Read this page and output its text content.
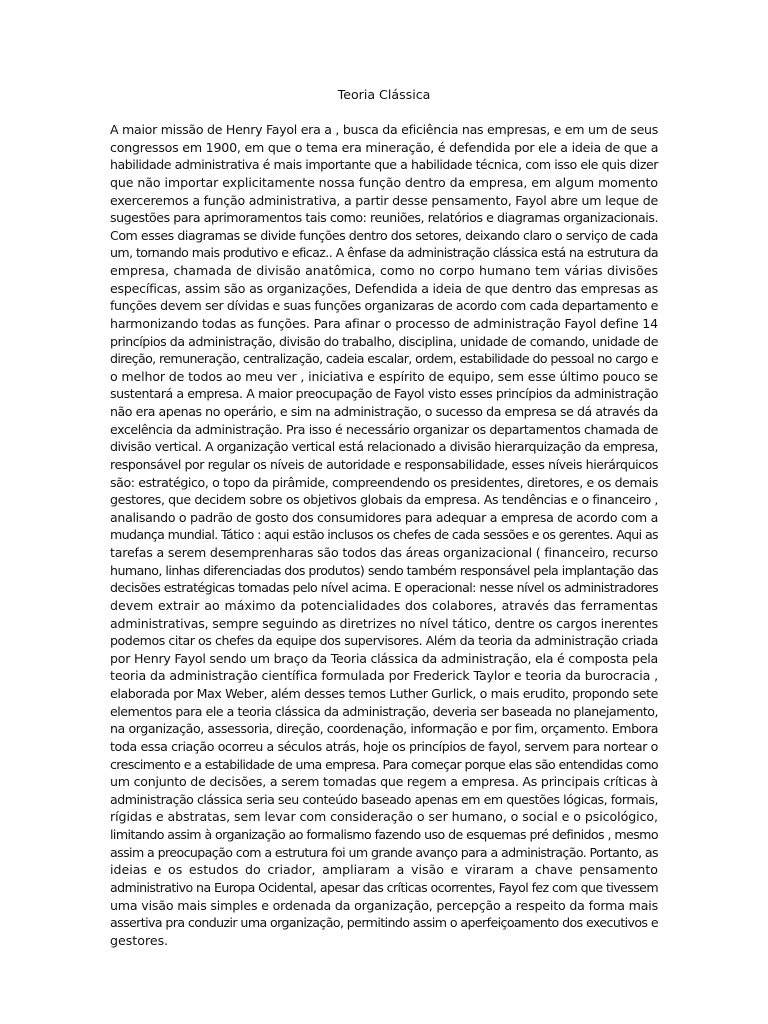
Teoria Clássica
A maior missão de Henry Fayol era a , busca da eficiência nas empresas, e em um de seus
congressos em 1900, em que o tema era mineração, é defendida por ele a ideia de que a
habilidade administrativa é mais importante que a habilidade técnica, com isso ele quis dizer
que não importar explicitamente nossa função dentro da empresa, em algum momento
exerceremos a função administrativa, a partir desse pensamento, Fayol abre um leque de
sugestões para aprimoramentos tais como: reuniões, relatórios e diagramas organizacionais.
Com esses diagramas se divide funções dentro dos setores, deixando claro o serviço de cada
um, tornando mais produtivo e eficaz.. A ênfase da administração clássica está na estrutura da
empresa, chamada de divisão anatômica, como no corpo humano tem várias divisões
específicas, assim são as organizações, Defendida a ideia de que dentro das empresas as
funções devem ser dívidas e suas funções organizaras de acordo com cada departamento e
harmonizando todas as funções. Para afinar o processo de administração Fayol define 14
princípios da administração, divisão do trabalho, disciplina, unidade de comando, unidade de
direção, remuneração, centralização, cadeia escalar, ordem, estabilidade do pessoal no cargo e
o melhor de todos ao meu ver , iniciativa e espírito de equipo, sem esse último pouco se
sustentará a empresa. A maior preocupação de Fayol visto esses princípios da administração
não era apenas no operário, e sim na administração, o sucesso da empresa se dá através da
excelência da administração. Pra isso é necessário organizar os departamentos chamada de
divisão vertical. A organização vertical está relacionado a divisão hierarquização da empresa,
responsável por regular os níveis de autoridade e responsabilidade, esses níveis hierárquicos
são: estratégico, o topo da pirâmide, compreendendo os presidentes, diretores, e os demais
gestores, que decidem sobre os objetivos globais da empresa. As tendências e o financeiro ,
analisando o padrão de gosto dos consumidores para adequar a empresa de acordo com a
mudança mundial. Tático : aqui estão inclusos os chefes de cada sessões e os gerentes. Aqui as
tarefas a serem desemprenharas são todos das áreas organizacional ( financeiro, recurso
humano, linhas diferenciadas dos produtos) sendo também responsável pela implantação das
decisões estratégicas tomadas pelo nível acima. E operacional: nesse nível os administradores
devem extrair ao máximo da potencialidades dos colabores, através das ferramentas
administrativas, sempre seguindo as diretrizes no nível tático, dentre os cargos inerentes
podemos citar os chefes da equipe dos supervisores. Além da teoria da administração criada
por Henry Fayol sendo um braço da Teoria clássica da administração, ela é composta pela
teoria da administração científica formulada por Frederick Taylor e teoria da burocracia ,
elaborada por Max Weber, além desses temos Luther Gurlick, o mais erudito, propondo sete
elementos para ele a teoria clássica da administração, deveria ser baseada no planejamento,
na organização, assessoria, direção, coordenação, informação e por fim, orçamento. Embora
toda essa criação ocorreu a séculos atrás, hoje os princípios de fayol, servem para nortear o
crescimento e a estabilidade de uma empresa. Para começar porque elas são entendidas como
um conjunto de decisões, a serem tomadas que regem a empresa. As principais críticas à
administração clássica seria seu conteúdo baseado apenas em em questões lógicas, formais,
rígidas e abstratas, sem levar com consideração o ser humano, o social e o psicológico,
limitando assim à organização ao formalismo fazendo uso de esquemas pré definidos , mesmo
assim a preocupação com a estrutura foi um grande avanço para a administração. Portanto, as
ideias e os estudos do criador, ampliaram a visão e viraram a chave pensamento
administrativo na Europa Ocidental, apesar das críticas ocorrentes, Fayol fez com que tivessem
uma visão mais simples e ordenada da organização, percepção a respeito da forma mais
assertiva pra conduzir uma organização, permitindo assim o aperfeiçoamento dos executivos e
gestores.
